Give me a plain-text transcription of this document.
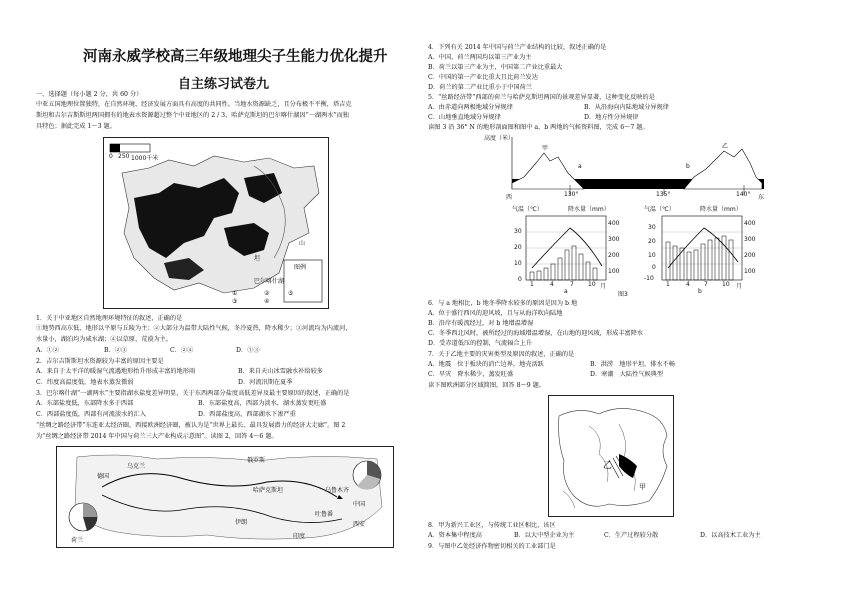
河南永威学校高三年级地理尖子生能力优化提升
自主练习试卷九
一、选择题（每小题 2 分，共 60 分）
中亚五国地理位置独特，在自然环境、经济发展方面具有高度的共同性。当地水资源缺乏，且分布极不平衡，塔吉克
斯坦和吉尔吉斯斯坦两国拥有的地表水资源超过整个中亚地区的 2 / 3，哈萨克斯坦的巴尔喀什湖因“一湖两水”而独
具特色；据此完成 1～3 题。
0 250 1000千米
克
斯
坦
山
巴尔喀什湖
图例
①	②
③	④
⑤
1．关于中亚地区自然地理环境特征的叙述，正确的是
①地势西高东低，地形以平原与丘陵为主；②大部分为温带大陆性气候，冬冷夏热，降水稀少；③河流均为内流河，
水量小，湖泊均为咸水湖；④以草原、荒漠为主。
A．①②	B．②③	C．②④	D．①③
2．吉尔吉斯斯坦水资源较为丰富的原因主要是
A．来自于太平洋的暖湿气流遇地形抬升形成丰富的地形雨	B．来自天山冰雪融水补给较多
C．纬度高温度低，地表水蒸发微弱	D．河流汛期在夏季
3．巴尔喀什湖“一湖两水”主要指湖水盐度差异明显，关于东西两部分盐度高低差异及最主要原因的叙述，正确的是
A．东部盐度低，东部降水多于西部	B．东部盐度高，西部为淡水，湖水蒸发更旺盛
C．西部盐度低，西部有河流淡水的汇入	D．西部盐度高，西部湖水下渗严重
“丝绸之路经济带”东连亚太经济圈，西接欧洲经济圈，被认为是“世界上最长、最具发展潜力的经济大走廊”。图 2
为“丝绸之路经济带 2014 年中国与荷兰三大产业构成示意图”。读图 2，回答 4～6 题。
俄罗斯
乌克兰
德国
哈萨克斯坦	乌鲁木齐
中国
吐鲁番
伊朗	西安
印度
荷兰
4．下列有关 2014 年中国与荷兰产业结构的比较，叙述正确的是
A．中国、荷兰两国均以第三产业为主
B．荷兰以第三产业为主，中国第二产业比重最大
C．中国的第一产业比重大且比荷兰发达
D．荷兰的第二产业比重小于中国荷兰
5．“丝路经济带”西部的荷兰与哈萨克斯坦两国的景观差异显著，这种变化反映的是
A．由赤道向两极地域分异规律	B．从沿海向内陆地域分异规律
C．山地垂直地域分异规律	D．地方性分异规律
读图 3 沿 36° N 的地形剖面图和图中 a、b 两地的气候资料图，完成 6～7 题。
高度（米）
甲	乙
a	b
130°	135°	140°
西	东
气温（℃）	降水量（mm）
30
20
10
0
400
300
200
100
1	4	7 10 月
a
气温（℃）	降水量（mm）
30
20
10
0
-10
400
300
200
100
1	4 7 10 月
b
图3
6．与 a 地相比，b 地冬季降水较多的原因是因为 b 地
A．位于盛行西风的迎风坡，且与从海洋吹向陆地
B．沿岸有暖流经过，对 b 地增温增湿
C．冬季西北风时，被所经过的海域增温增湿，在山地的迎风坡，形成丰富降水
D．受赤道低压的控制，气流辐合上升
7．关于乙地主要的灾害类型及原因的叙述，正确的是
A．地震　位于板块的消亡边界，地壳活跃	B．洪涝　地形平坦，排水不畅
C．旱灾　降水稀少，蒸发旺盛	D．寒潮　大陆性气候典型
读下图欧洲部分区域简图，回答 8～9 题。
乙
甲
8．甲为新兴工业区，与传统工业区相比，该区
A．资本集中程度高	B．以大中型企业为主	C．生产过程较分散	D．以高技术工业为主
9．与图中乙处经济作物密切相关的工业部门是
